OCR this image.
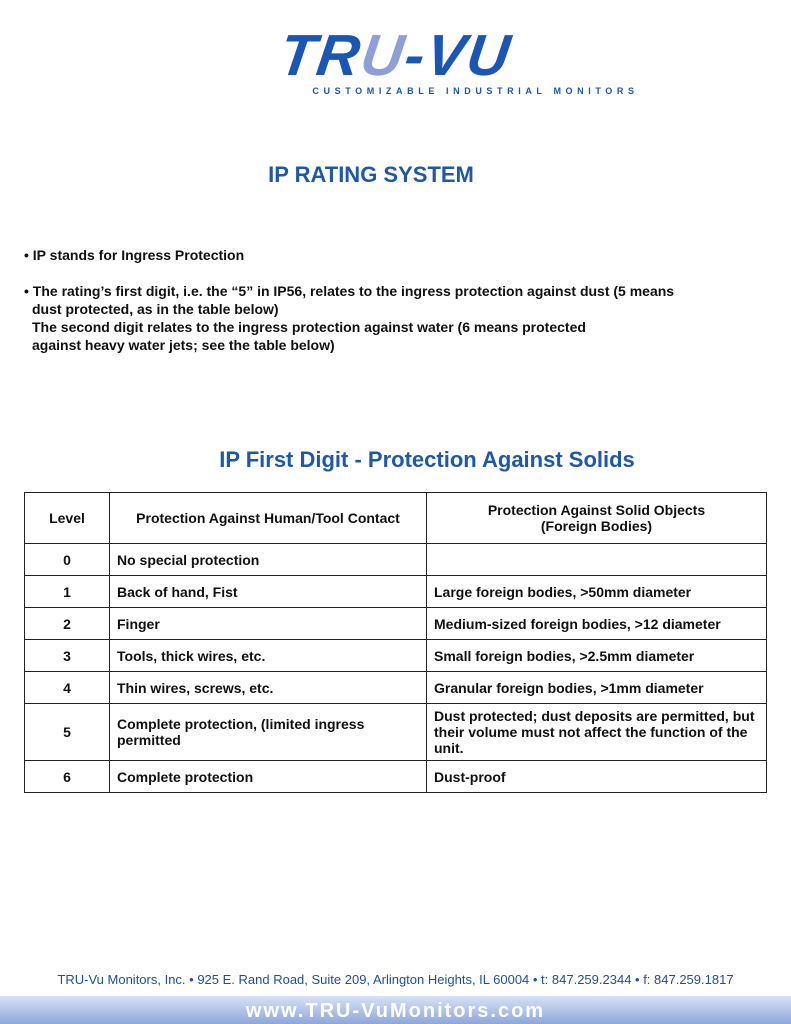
TRU-VU
CUSTOMIZABLE INDUSTRIAL MONITORS
IP RATING SYSTEM

• IP stands for Ingress Protection

• The rating’s first digit, i.e. the “5” in IP56, relates to the ingress protection against dust (5 means

dust protected, as in the table below)

The second digit relates to the ingress protection against water (6 means protected

against heavy water jets; see the table below)

IP First Digit - Protection Against Solids
Level	Protection Against Human/Tool Contact	Protection Against Solid Objects
(Foreign Bodies)
0	No special protection	
1	Back of hand, Fist	Large foreign bodies, >50mm diameter
2	Finger	Medium-sized foreign bodies, >12 diameter
3	Tools, thick wires, etc.	Small foreign bodies, >2.5mm diameter
4	Thin wires, screws, etc.	Granular foreign bodies, >1mm diameter
5	Complete protection, (limited ingress permitted	Dust protected; dust deposits are permitted, but their volume must not affect the function of the unit.
6	Complete protection	Dust-proof
TRU-Vu Monitors, Inc. • 925 E. Rand Road, Suite 209, Arlington Heights, IL 60004 • t: 847.259.2344 • f: 847.259.1817
www.TRU-VuMonitors.com
